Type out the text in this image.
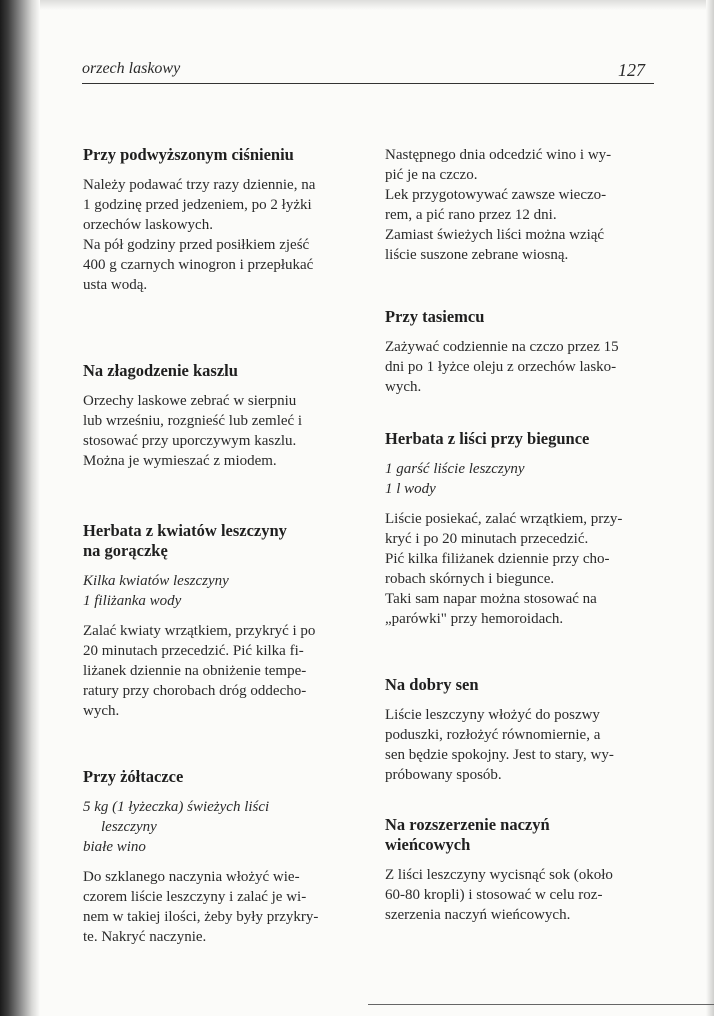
orzech laskowy	127
Przy podwyższonym ciśnieniu

Należy podawać trzy razy dziennie, na
1 godzinę przed jedzeniem, po 2 łyżki
orzechów laskowych.
Na pół godziny przed posiłkiem zjeść
400 g czarnych winogron i przepłukać
usta wodą.

Na złagodzenie kaszlu

Orzechy laskowe zebrać w sierpniu
lub wrześniu, rozgnieść lub zemleć i
stosować przy uporczywym kaszlu.
Można je wymieszać z miodem.

Herbata z kwiatów leszczyny
na gorączkę
Kilka kwiatów leszczyny
1 filiżanka wody

Zalać kwiaty wrzątkiem, przykryć i po
20 minutach przecedzić. Pić kilka fi-
liżanek dziennie na obniżenie tempe-
ratury przy chorobach dróg oddecho-
wych.

Przy żółtaczce
5 kg (1 łyżeczka) świeżych liści
leszczyny
białe wino

Do szklanego naczynia włożyć wie-
czorem liście leszczyny i zalać je wi-
nem w takiej ilości, żeby były przykry-
te. Nakryć naczynie.

Następnego dnia odcedzić wino i wy-
pić je na czczo.
Lek przygotowywać zawsze wieczo-
rem, a pić rano przez 12 dni.
Zamiast świeżych liści można wziąć
liście suszone zebrane wiosną.

Przy tasiemcu

Zażywać codziennie na czczo przez 15
dni po 1 łyżce oleju z orzechów lasko-
wych.

Herbata z liści przy biegunce
1 garść liście leszczyny
1 l wody

Liście posiekać, zalać wrzątkiem, przy-
kryć i po 20 minutach przecedzić.
Pić kilka filiżanek dziennie przy cho-
robach skórnych i biegunce.
Taki sam napar można stosować na
„parówki" przy hemoroidach.

Na dobry sen

Liście leszczyny włożyć do poszwy
poduszki, rozłożyć równomiernie, a
sen będzie spokojny. Jest to stary, wy-
próbowany sposób.

Na rozszerzenie naczyń
wieńcowych

Z liści leszczyny wycisnąć sok (około
60-80 kropli) i stosować w celu roz-
szerzenia naczyń wieńcowych.
